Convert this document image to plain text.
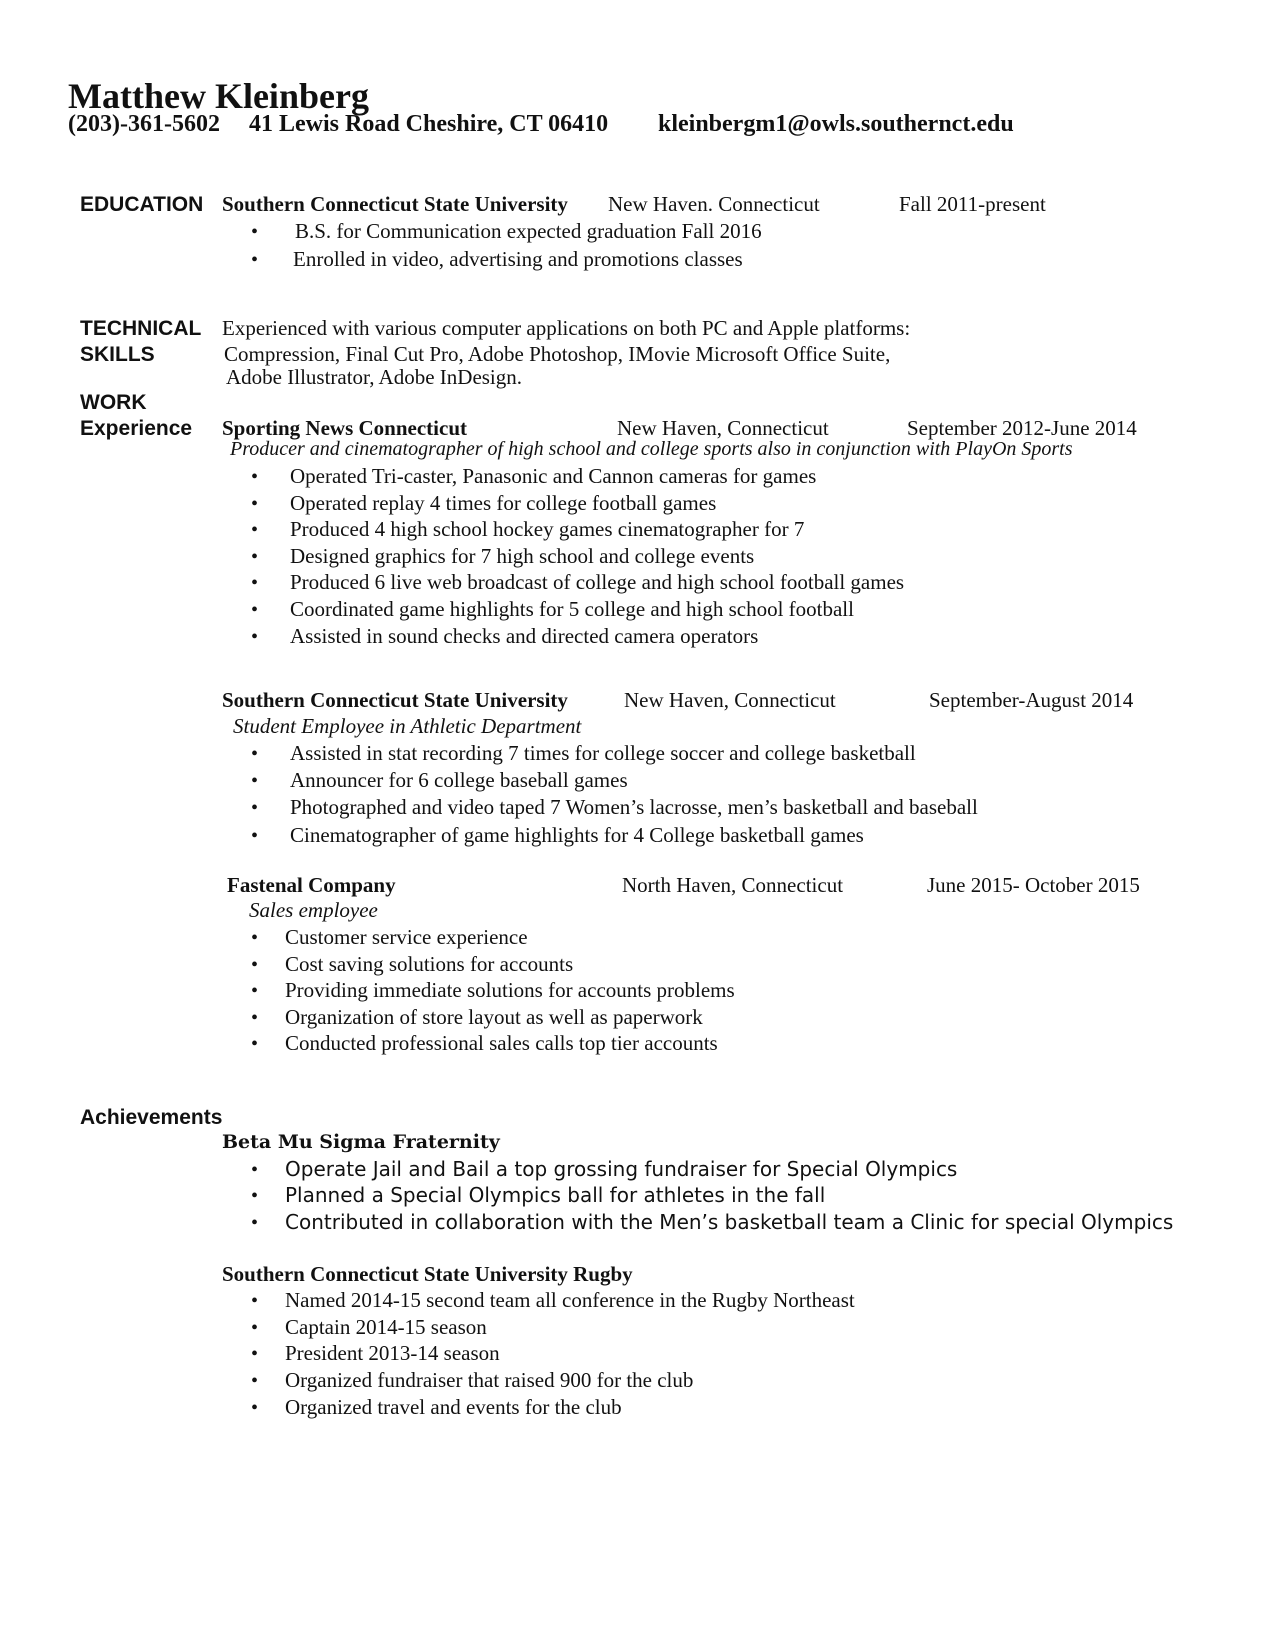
Matthew Kleinberg
(203)-361-5602 41 Lewis Road Cheshire, CT 06410 kleinbergm1@owls.southernct.edu
EDUCATION Southern Connecticut State University New Haven. Connecticut	Fall 2011-present
• B.S. for Communication expected graduation Fall 2016
• Enrolled in video, advertising and promotions classes
TECHNICAL
SKILLS
Experienced with various computer applications on both PC and Apple platforms:
Compression, Final Cut Pro, Adobe Photoshop, IMovie Microsoft Office Suite,
Adobe Illustrator, Adobe InDesign.
WORK
Experience Sporting News Connecticut	New Haven, Connecticut	September 2012-June 2014
Producer and cinematographer of high school and college sports also in conjunction with PlayOn Sports
• Operated Tri-caster, Panasonic and Cannon cameras for games
• Operated replay 4 times for college football games
• Produced 4 high school hockey games cinematographer for 7
• Designed graphics for 7 high school and college events
• Produced 6 live web broadcast of college and high school football games
• Coordinated game highlights for 5 college and high school football
• Assisted in sound checks and directed camera operators
Southern Connecticut State University	New Haven, Connecticut	September-August 2014
Student Employee in Athletic Department
• Assisted in stat recording 7 times for college soccer and college basketball
• Announcer for 6 college baseball games
• Photographed and video taped 7 Women’s lacrosse, men’s basketball and baseball
• Cinematographer of game highlights for 4 College basketball games
Fastenal Company	North Haven, Connecticut	June 2015- October 2015
Sales employee
• Customer service experience
• Cost saving solutions for accounts
• Providing immediate solutions for accounts problems
• Organization of store layout as well as paperwork
• Conducted professional sales calls top tier accounts
Achievements
Beta Mu Sigma Fraternity
• Operate Jail and Bail a top grossing fundraiser for Special Olympics
• Planned a Special Olympics ball for athletes in the fall
• Contributed in collaboration with the Men’s basketball team a Clinic for special Olympics
Southern Connecticut State University Rugby
• Named 2014-15 second team all conference in the Rugby Northeast
• Captain 2014-15 season
• President 2013-14 season
• Organized fundraiser that raised 900 for the club
• Organized travel and events for the club
